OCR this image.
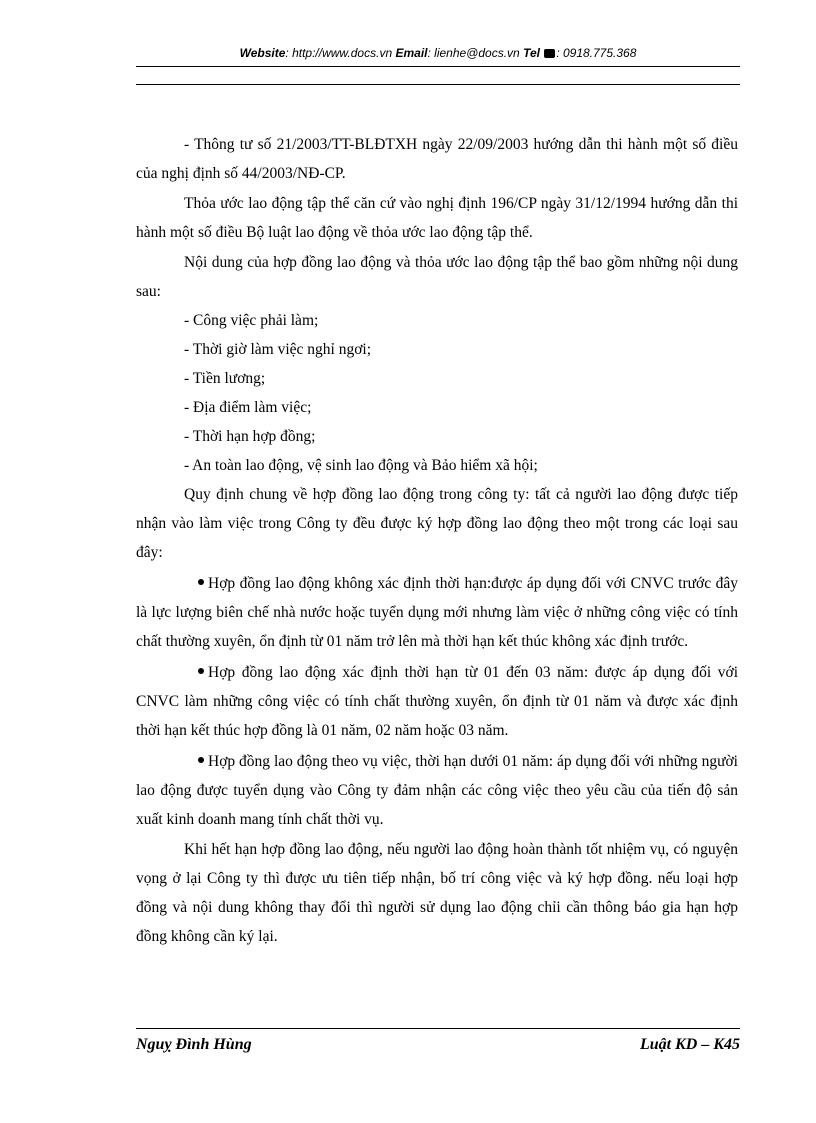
Website: http://www.docs.vn Email: lienhe@docs.vn Tel : 0918.775.368

- Thông tư số 21/2003/TT-BLĐTXH ngày 22/09/2003 hướng dẫn thi hành một số điều của nghị định số 44/2003/NĐ-CP.

Thỏa ước lao động tập thể căn cứ vào nghị định 196/CP ngày 31/12/1994 hướng dẫn thi hành một số điều Bộ luật lao động về thỏa ước lao động tập thể.

Nội dung của hợp đồng lao động và thỏa ước lao động tập thể bao gồm những nội dung sau:

- Công việc phải làm;

- Thời giờ làm việc nghỉ ngơi;

- Tiền lương;

- Địa điểm làm việc;

- Thời hạn hợp đồng;

- An toàn lao động, vệ sinh lao động và Bảo hiểm xã hội;

Quy định chung về hợp đồng lao động trong công ty: tất cả người lao động được tiếp nhận vào làm việc trong Công ty đều được ký hợp đồng lao động theo một trong các loại sau đây:

Hợp đồng lao động không xác định thời hạn:được áp dụng đối với CNVC trước đây là lực lượng biên chế nhà nước hoặc tuyển dụng mới nhưng làm việc ở những công việc có tính chất thường xuyên, ổn định từ 01 năm trở lên mà thời hạn kết thúc không xác định trước.

Hợp đồng lao động xác định thời hạn từ 01 đến 03 năm: được áp dụng đối với CNVC làm những công việc có tính chất thường xuyên, ổn định từ 01 năm và được xác định thời hạn kết thúc hợp đồng là 01 năm, 02 năm hoặc 03 năm.

Hợp đồng lao động theo vụ việc, thời hạn dưới 01 năm: áp dụng đối với những người lao động được tuyển dụng vào Công ty đảm nhận các công việc theo yêu cầu của tiến độ sản xuất kinh doanh mang tính chất thời vụ.

Khi hết hạn hợp đồng lao động, nếu người lao động hoàn thành tốt nhiệm vụ, có nguyện vọng ở lại Công ty thì được ưu tiên tiếp nhận, bố trí công việc và ký hợp đồng. nếu loại hợp đồng và nội dung không thay đổi thì người sử dụng lao động chỉi cần thông báo gia hạn hợp đồng không cần ký lại.

Nguỵ Đình Hùng	Luật KD – K45
